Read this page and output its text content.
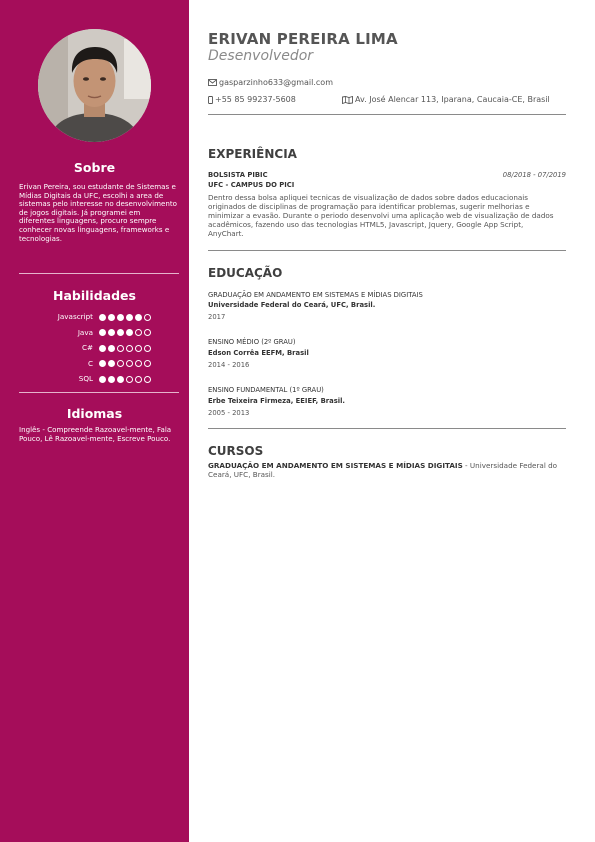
Sobre
Erivan Pereira, sou estudante de Sistemas e Mídias Digitais da UFC, escolhi a area de sistemas pelo interesse no desenvolvimento de jogos digitais. Já programei em diferentes linguagens, procuro sempre conhecer novas linguagens, frameworks e tecnologias.
Habilidades
Javascript
Java
C#
C
SQL
Idiomas
Inglês - Compreende Razoavel-mente, Fala Pouco, Lê Razoavel-mente, Escreve Pouco.
ERIVAN PEREIRA LIMA
Desenvolvedor
gasparzinho633@gmail.com
+55 85 99237-5608	Av. José Alencar 113, Iparana, Caucaia-CE, Brasil
EXPERIÊNCIA
BOLSISTA PIBIC	08/2018 - 07/2019
UFC - CAMPUS DO PICI
Dentro dessa bolsa apliquei tecnicas de visualização de dados sobre dados educacionais originados de disciplinas de programação para identificar problemas, sugerir melhorias e minimizar a evasão. Durante o periodo desenvolvi uma aplicação web de visualização de dados acadêmicos, fazendo uso das tecnologias HTML5, Javascript, Jquery, Google App Script, AnyChart.
EDUCAÇÃO
GRADUAÇÃO EM ANDAMENTO EM SISTEMAS E MÍDIAS DIGITAIS
Universidade Federal do Ceará, UFC, Brasil.
2017
ENSINO MÉDIO (2º GRAU)
Edson Corrêa EEFM, Brasil
2014 - 2016
ENSINO FUNDAMENTAL (1º GRAU)
Erbe Teixeira Firmeza, EEIEF, Brasil.
2005 - 2013
CURSOS
GRADUAÇÃO EM ANDAMENTO EM SISTEMAS E MÍDIAS DIGITAIS - Universidade Federal do Ceará, UFC, Brasil.
